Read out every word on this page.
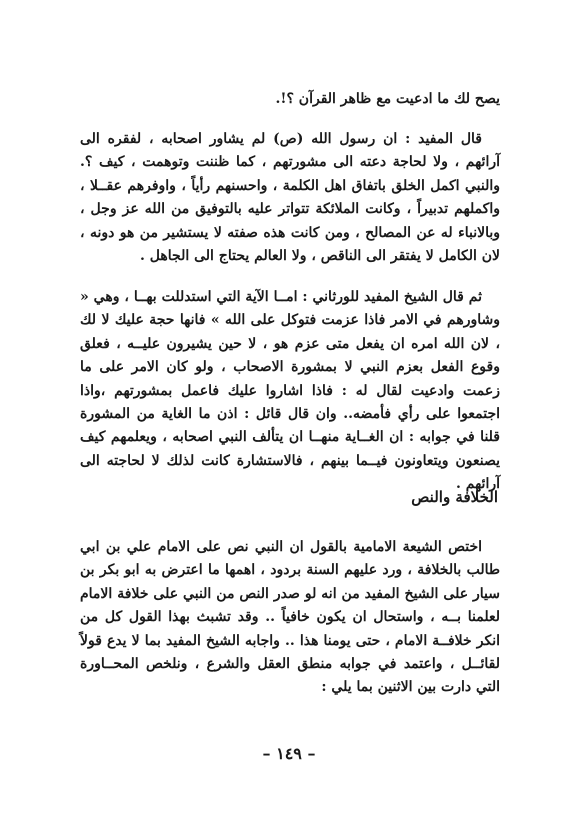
يصح لك ما ادعيت مع ظاهر القرآن ؟!.

قال المفيد : ان رسول الله (ص) لم يشاور اصحابه ، لفقره الى آرائهم ، ولا لحاجة دعته الى مشورتهم ، كما ظننت وتوهمت ، كيف ؟. والنبي اكمل الخلق باتفاق اهل الكلمة ، واحسنهم رأياً ، واوفرهم عقــلا ، واكملهم تدبيراً ، وكانت الملائكة تتواتر عليه بالتوفيق من الله عز وجل ، وبالانباء له عن المصالح ، ومن كانت هذه صفته لا يستشير من هو دونه ، لان الكامل لا يفتقر الى الناقص ، ولا العالم يحتاج الى الجاهل .

ثم قال الشيخ المفيد للورثاني : امــا الآية التي استدللت بهــا ، وهي « وشاورهم في الامر فاذا عزمت فتوكل على الله » فانها حجة عليك لا لك ، لان الله امره ان يفعل متى عزم هو ، لا حين يشيرون عليــه ، فعلق وقوع الفعل بعزم النبي لا بمشورة الاصحاب ، ولو كان الامر على ما زعمت وادعيت لقال له : فاذا اشاروا عليك فاعمل بمشورتهم ،واذا اجتمعوا على رأي فأمضه.. وان قال قائل : اذن ما الغاية من المشورة قلنا في جوابه : ان الغــاية منهــا ان يتألف النبي اصحابه ، ويعلمهم كيف يصنعون ويتعاونون فيــما بينهم ، فالاستشارة كانت لذلك لا لحاجته الى آرائهم .

الخلافة والنص

اختص الشيعة الامامية بالقول ان النبي نص على الامام علي بن ابي طالب بالخلافة ، ورد عليهم السنة بردود ، اهمها ما اعترض به ابو بكر بن سيار على الشيخ المفيد من انه لو صدر النص من النبي على خلافة الامام لعلمنا بــه ، واستحال ان يكون خافياً .. وقد تشبث بهذا القول كل من انكر خلافــة الامام ، حتى يومنا هذا .. واجابه الشيخ المفيد بما لا يدع قولاً لقائــل ، واعتمد في جوابه منطق العقل والشرع ، ونلخص المحــاورة التي دارت بين الاثنين بما يلي :

– ١٤٩ –
